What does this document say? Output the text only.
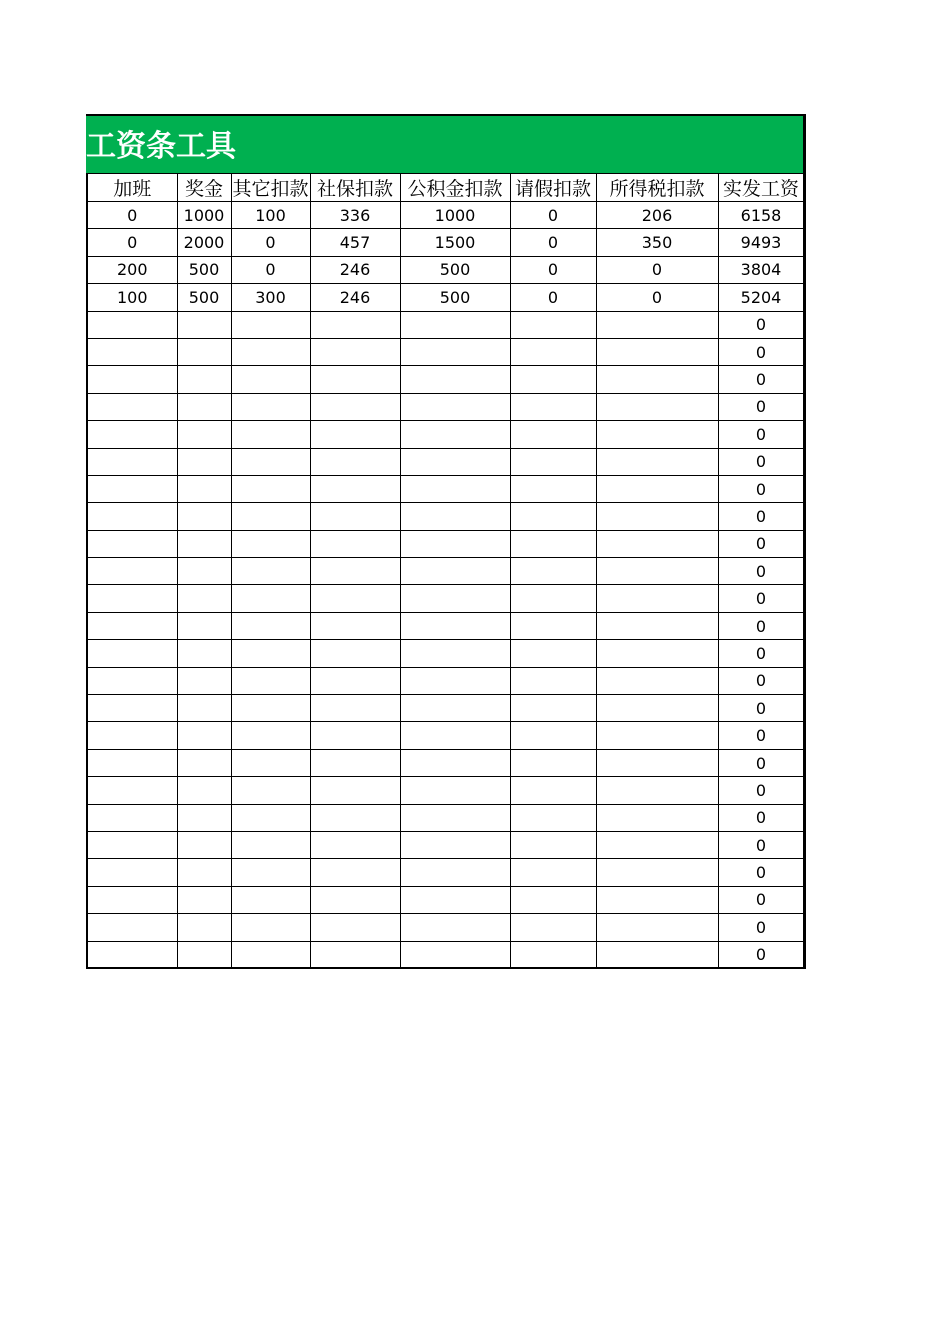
工资条工具
加班	奖金	其它扣款	社保扣款	公积金扣款	请假扣款	所得税扣款	实发工资
0	1000	100	336	1000	0	206	6158
0	2000	0	457	1500	0	350	9493
200	500	0	246	500	0	0	3804
100	500	300	246	500	0	0	5204
							0
							0
							0
							0
							0
							0
							0
							0
							0
							0
							0
							0
							0
							0
							0
							0
							0
							0
							0
							0
							0
							0
							0
							0
